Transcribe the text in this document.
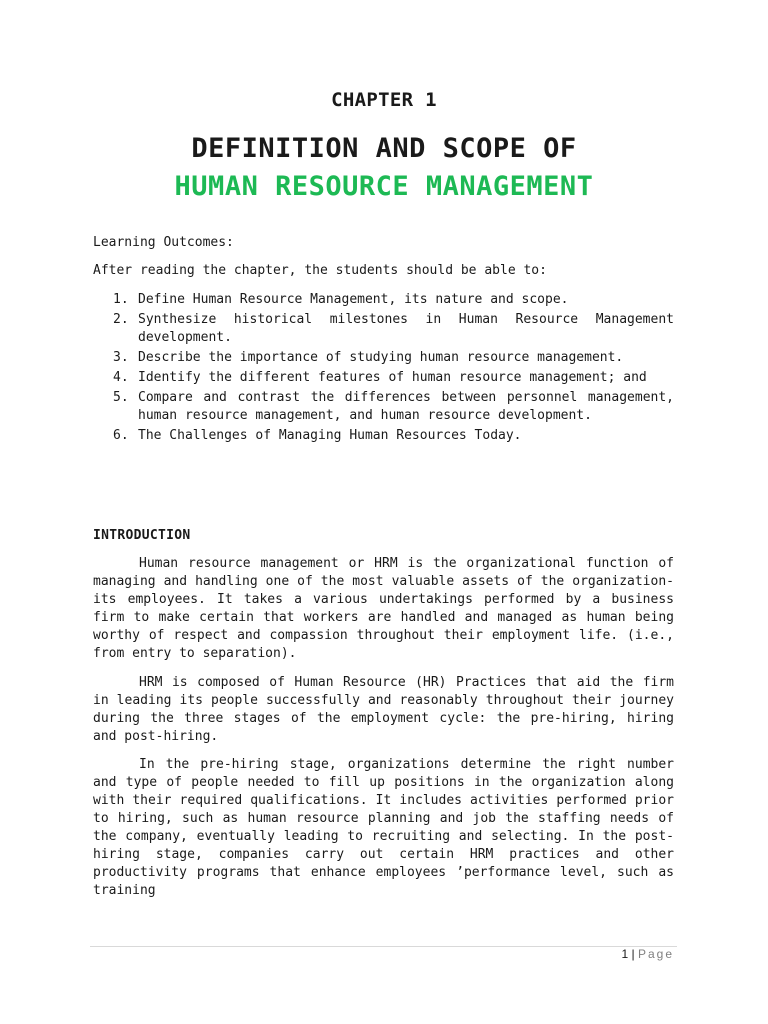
CHAPTER 1
DEFINITION AND SCOPE OF
HUMAN RESOURCE MANAGEMENT
Learning Outcomes:
After reading the chapter, the students should be able to:
1. Define Human Resource Management, its nature and scope.
2. Synthesize historical milestones in Human Resource Management development.
3. Describe the importance of studying human resource management.
4. Identify the different features of human resource management; and
5. Compare and contrast the differences between personnel management, human resource management, and human resource development.
6. The Challenges of Managing Human Resources Today.
INTRODUCTION

Human resource management or HRM is the organizational function of managing and handling one of the most valuable assets of the organization- its employees. It takes a various undertakings performed by a business firm to make certain that workers are handled and managed as human being worthy of respect and compassion throughout their employment life. (i.e., from entry to separation).

HRM is composed of Human Resource (HR) Practices that aid the firm in leading its people successfully and reasonably throughout their journey during the three stages of the employment cycle: the pre-hiring, hiring and post-hiring.

In the pre-hiring stage, organizations determine the right number and type of people needed to fill up positions in the organization along with their required qualifications. It includes activities performed prior to hiring, such as human resource planning and job the staffing needs of the company, eventually leading to recruiting and selecting. In the post-hiring stage, companies carry out certain HRM practices and other productivity programs that enhance employees ’performance level, such as training

1 | Page
